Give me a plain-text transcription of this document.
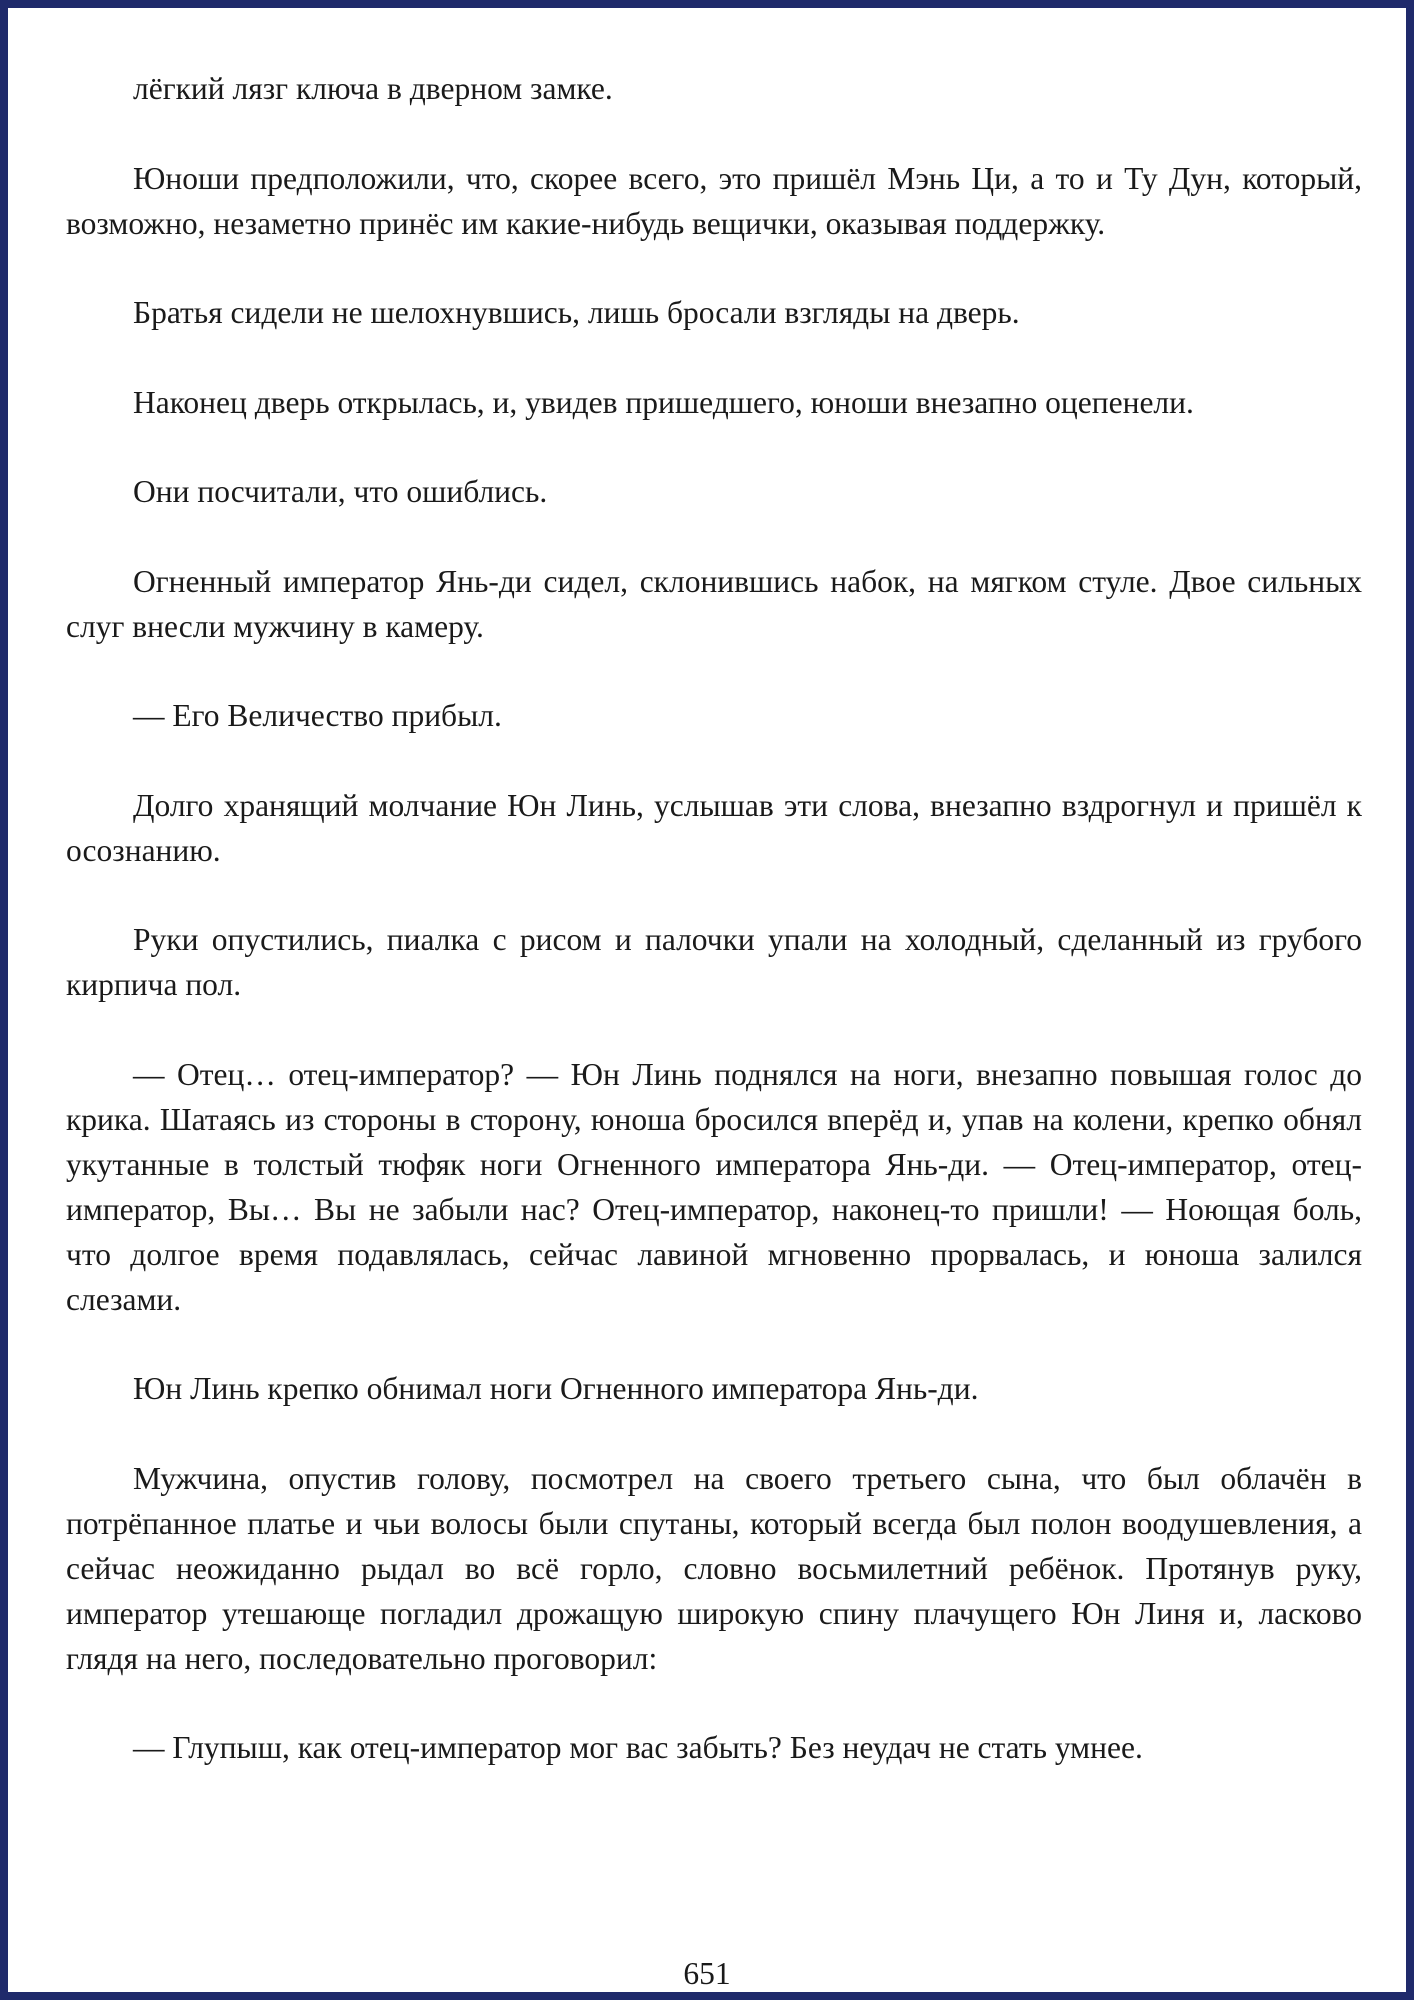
лёгкий лязг ключа в дверном замке.

Юноши предположили, что, скорее всего, это пришёл Мэнь Ци, а то и Ту Дун, который, возможно, незаметно принёс им какие-нибудь вещички, оказывая поддержку.

Братья сидели не шелохнувшись, лишь бросали взгляды на дверь.

Наконец дверь открылась, и, увидев пришедшего, юноши внезапно оцепенели.

Они посчитали, что ошиблись.

Огненный император Янь-ди сидел, склонившись набок, на мягком стуле. Двое сильных слуг внесли мужчину в камеру.

— Его Величество прибыл.

Долго хранящий молчание Юн Линь, услышав эти слова, внезапно вздрогнул и пришёл к осознанию.

Руки опустились, пиалка с рисом и палочки упали на холодный, сделанный из грубого кирпича пол.

— Отец… отец-император? — Юн Линь поднялся на ноги, внезапно повышая голос до крика. Шатаясь из стороны в сторону, юноша бросился вперёд и, упав на колени, крепко обнял укутанные в толстый тюфяк ноги Огненного императора Янь-ди. — Отец-император, отец-император, Вы… Вы не забыли нас? Отец-император, наконец-то пришли! — Ноющая боль, что долгое время подавлялась, сейчас лавиной мгновенно прорвалась, и юноша залился слезами.

Юн Линь крепко обнимал ноги Огненного императора Янь-ди.

Мужчина, опустив голову, посмотрел на своего третьего сына, что был облачён в потрёпанное платье и чьи волосы были спутаны, который всегда был полон воодушевления, а сейчас неожиданно рыдал во всё горло, словно восьмилетний ребёнок. Протянув руку, император утешающе погладил дрожащую широкую спину плачущего Юн Линя и, ласково глядя на него, последовательно проговорил:

— Глупыш, как отец-император мог вас забыть? Без неудач не стать умнее.

651
